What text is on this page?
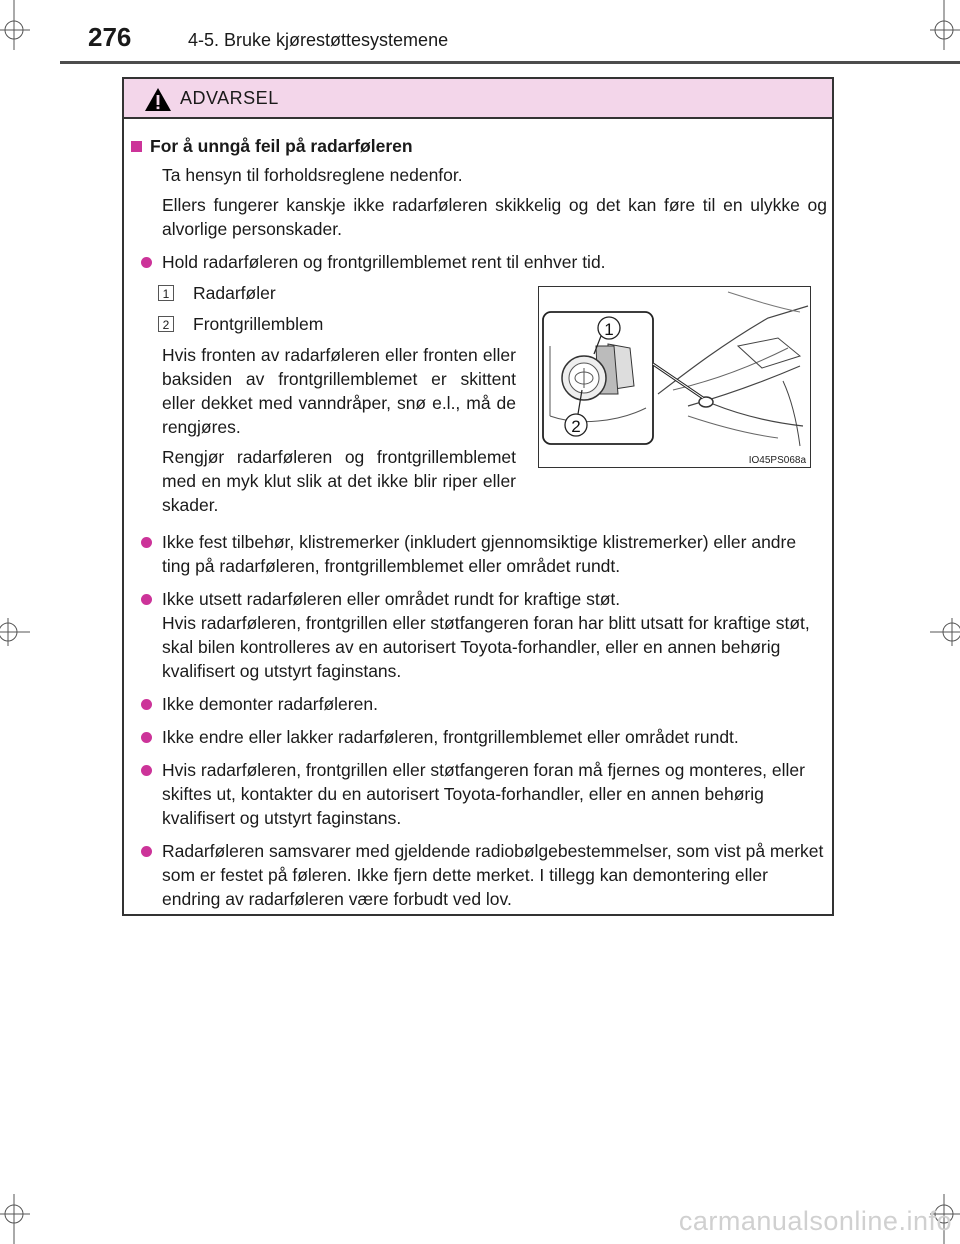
276	4-5. Bruke kjørestøttesystemene
ADVARSEL
For å unngå feil på radarføleren

Ta hensyn til forholdsreglene nedenfor.

Ellers fungerer kanskje ikke radarføleren skikkelig og det kan føre til en ulykke og alvorlige personskader.

Hold radarføleren og frontgrillemblemet rent til enhver tid.
1 Radarføler
2 Frontgrillemblem

Hvis fronten av radarføleren eller fronten eller baksiden av frontgrillemblemet er skittent eller dekket med vanndråper, snø e.l., må de rengjøres.

Rengjør radarføleren og frontgrillemblemet med en myk klut slik at det ikke blir riper eller skader.

Ikke fest tilbehør, klistremerker (inkludert gjennomsiktige klistremerker) eller andre ting på radarføleren, frontgrillemblemet eller området rundt.
Ikke utsett radarføleren eller området rundt for kraftige støt.
Hvis radarføleren, frontgrillen eller støtfangeren foran har blitt utsatt for kraftige støt, skal bilen kontrolleres av en autorisert Toyota-forhandler, eller en annen behørig kvalifisert og utstyrt faginstans.
Ikke demonter radarføleren.
Ikke endre eller lakker radarføleren, frontgrillemblemet eller området rundt.
Hvis radarføleren, frontgrillen eller støtfangeren foran må fjernes og monteres, eller skiftes ut, kontakter du en autorisert Toyota-forhandler, eller en annen behørig kvalifisert og utstyrt faginstans.
Radarføleren samsvarer med gjeldende radiobølgebestemmelser, som vist på merket som er festet på føleren. Ikke fjern dette merket. I tillegg kan demontering eller endring av radarføleren være forbudt ved lov.
1
2
IO45PS068a
carmanualsonline.info
